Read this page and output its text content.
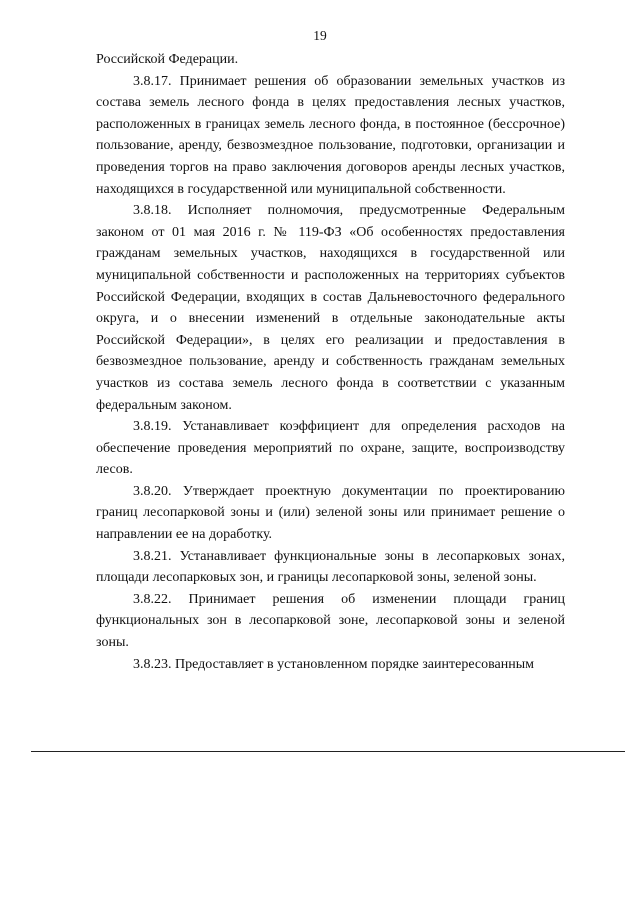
19

Российской Федерации.

3.8.17. Принимает решения об образовании земельных участков из состава земель лесного фонда в целях предоставления лесных участков, расположенных в границах земель лесного фонда, в постоянное (бессрочное) пользование, аренду, безвозмездное пользование, подготовки, организации и проведения торгов на право заключения договоров аренды лесных участков, находящихся в государственной или муниципальной собственности.

3.8.18. Исполняет полномочия, предусмотренные Федеральным законом от 01 мая 2016 г. № 119-ФЗ «Об особенностях предоставления гражданам земельных участков, находящихся в государственной или муниципальной собственности и расположенных на территориях субъектов Российской Федерации, входящих в состав Дальневосточного федерального округа, и о внесении изменений в отдельные законодательные акты Российской Федерации», в целях его реализации и предоставления в безвозмездное пользование, аренду и собственность гражданам земельных участков из состава земель лесного фонда в соответствии с указанным федеральным законом.

3.8.19. Устанавливает коэффициент для определения расходов на обеспечение проведения мероприятий по охране, защите, воспроизводству лесов.

3.8.20. Утверждает проектную документации по проектированию границ лесопарковой зоны и (или) зеленой зоны или принимает решение о направлении ее на доработку.

3.8.21. Устанавливает функциональные зоны в лесопарковых зонах, площади лесопарковых зон, и границы лесопарковой зоны, зеленой зоны.

3.8.22. Принимает решения об изменении площади границ функциональных зон в лесопарковой зоне, лесопарковой зоны и зеленой зоны.

3.8.23. Предоставляет в установленном порядке заинтересованным
